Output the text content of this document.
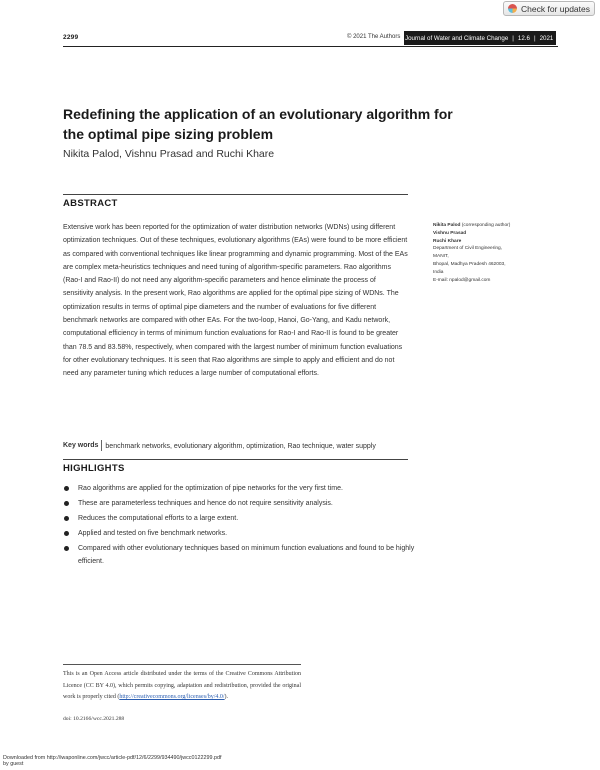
Check for updates
2299	© 2021 The Authors Journal of Water and Climate Change | 12.6 | 2021
Redefining the application of an evolutionary algorithm for the optimal pipe sizing problem
Nikita Palod, Vishnu Prasad and Ruchi Khare
ABSTRACT

Extensive work has been reported for the optimization of water distribution networks (WDNs) using different optimization techniques. Out of these techniques, evolutionary algorithms (EAs) were found to be more efficient as compared with conventional techniques like linear programming and dynamic programming. Most of the EAs are complex meta-heuristics techniques and need tuning of algorithm-specific parameters. Rao algorithms (Rao-I and Rao-II) do not need any algorithm-specific parameters and hence eliminate the process of sensitivity analysis. In the present work, Rao algorithms are applied for the optimal pipe sizing of WDNs. The optimization results in terms of optimal pipe diameters and the number of evaluations for five different benchmark networks are compared with other EAs. For the two-loop, Hanoi, Go-Yang, and Kadu network, computational efficiency in terms of minimum function evaluations for Rao-I and Rao-II is found to be greater than 78.5 and 83.58%, respectively, when compared with the largest number of minimum function evaluations for other evolutionary techniques. It is seen that Rao algorithms are simple to apply and efficient and do not need any parameter tuning which reduces a large number of computational efforts.

Key words	benchmark networks, evolutionary algorithm, optimization, Rao technique, water supply
Nikita Palod (corresponding author)
Vishnu Prasad
Ruchi Khare
Department of Civil Engineering,
MANIT,
Bhopal, Madhya Pradesh 462003,
India
E-mail: npalod@gmail.com
HIGHLIGHTS
Rao algorithms are applied for the optimization of pipe networks for the very first time.
These are parameterless techniques and hence do not require sensitivity analysis.
Reduces the computational efforts to a large extent.
Applied and tested on five benchmark networks.
Compared with other evolutionary techniques based on minimum function evaluations and found to be highly efficient.
This is an Open Access article distributed under the terms of the Creative Commons Attribution Licence (CC BY 4.0), which permits copying, adaptation and redistribution, provided the original work is properly cited (http://creativecommons.org/licenses/by/4.0/).
doi: 10.2166/wcc.2021.288
Downloaded from http://iwaponline.com/jwcc/article-pdf/12/6/2299/934490/jwcc0122299.pdf
by guest
